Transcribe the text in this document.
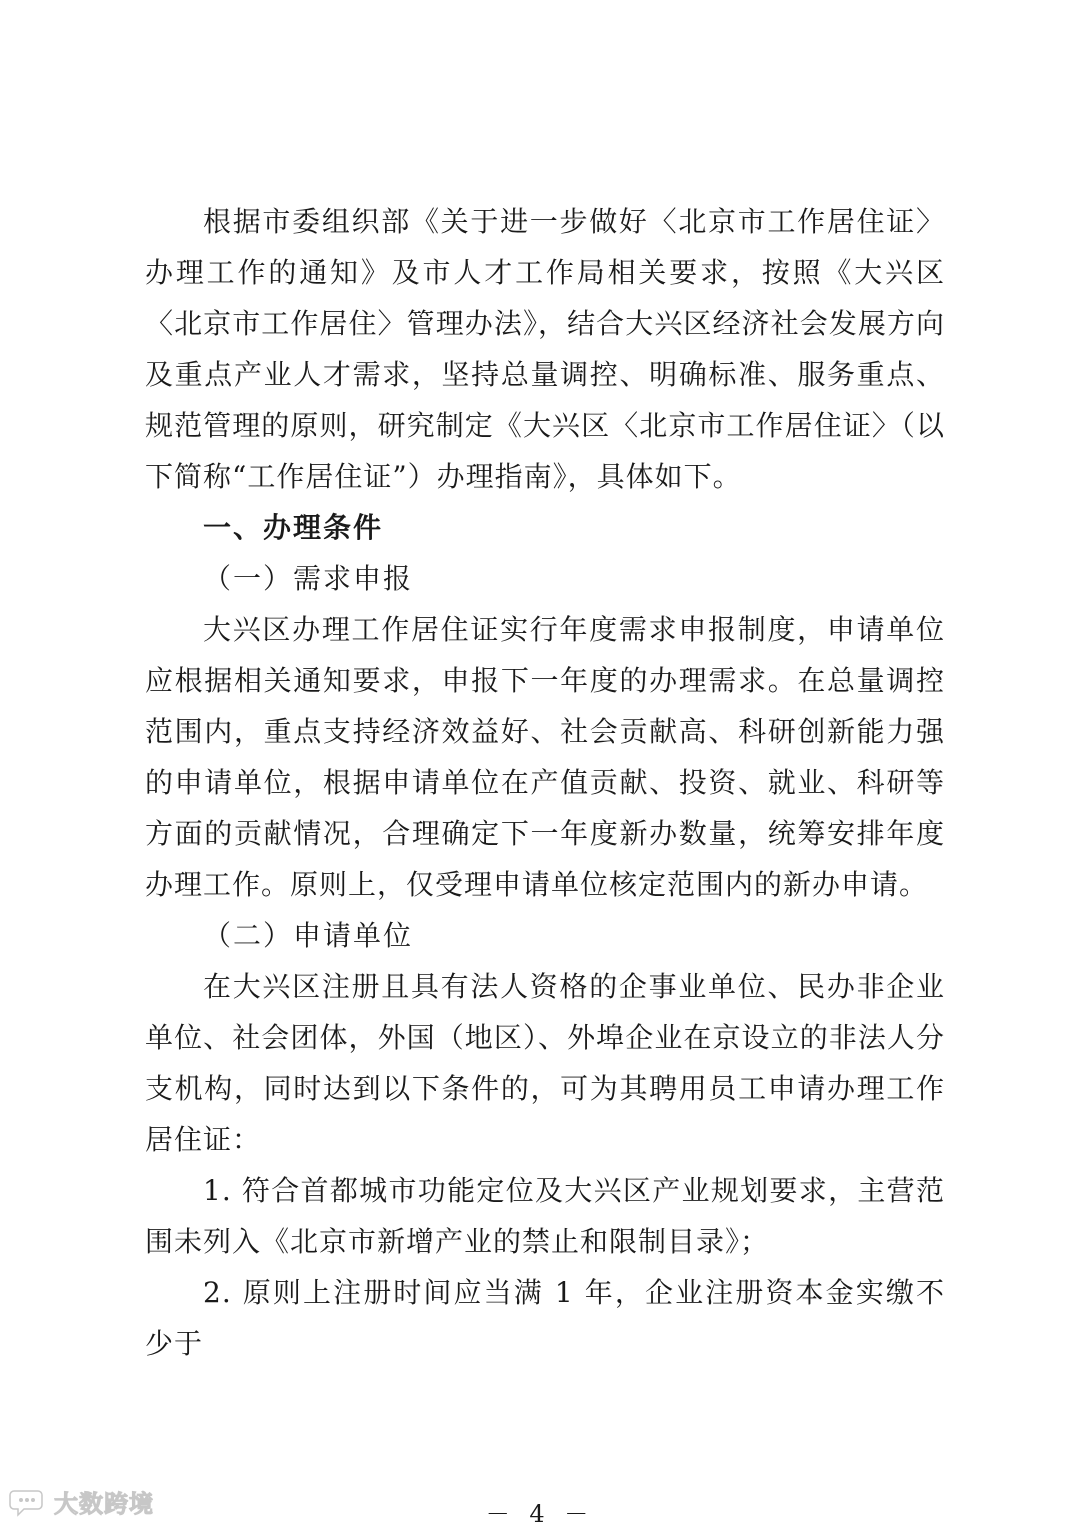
根据市委组织部《关于进一步做好〈北京市工作居住证〉办理工作的通知》及市人才工作局相关要求，按照《大兴区〈北京市工作居住〉管理办法》，结合大兴区经济社会发展方向及重点产业人才需求，坚持总量调控、明确标准、服务重点、规范管理的原则，研究制定《大兴区〈北京市工作居住证〉（以下简称“工作居住证”）办理指南》，具体如下。

一、办理条件

（一）需求申报

大兴区办理工作居住证实行年度需求申报制度，申请单位应根据相关通知要求，申报下一年度的办理需求。在总量调控范围内，重点支持经济效益好、社会贡献高、科研创新能力强的申请单位，根据申请单位在产值贡献、投资、就业、科研等方面的贡献情况，合理确定下一年度新办数量，统筹安排年度办理工作。原则上，仅受理申请单位核定范围内的新办申请。

（二）申请单位

在大兴区注册且具有法人资格的企事业单位、民办非企业单位、社会团体，外国（地区）、外埠企业在京设立的非法人分支机构，同时达到以下条件的，可为其聘用员工申请办理工作居住证：

1. 符合首都城市功能定位及大兴区产业规划要求，主营范围未列入《北京市新增产业的禁止和限制目录》；

2. 原则上注册时间应当满 1 年，企业注册资本金实缴不少于

－ 4 －
大数跨境
